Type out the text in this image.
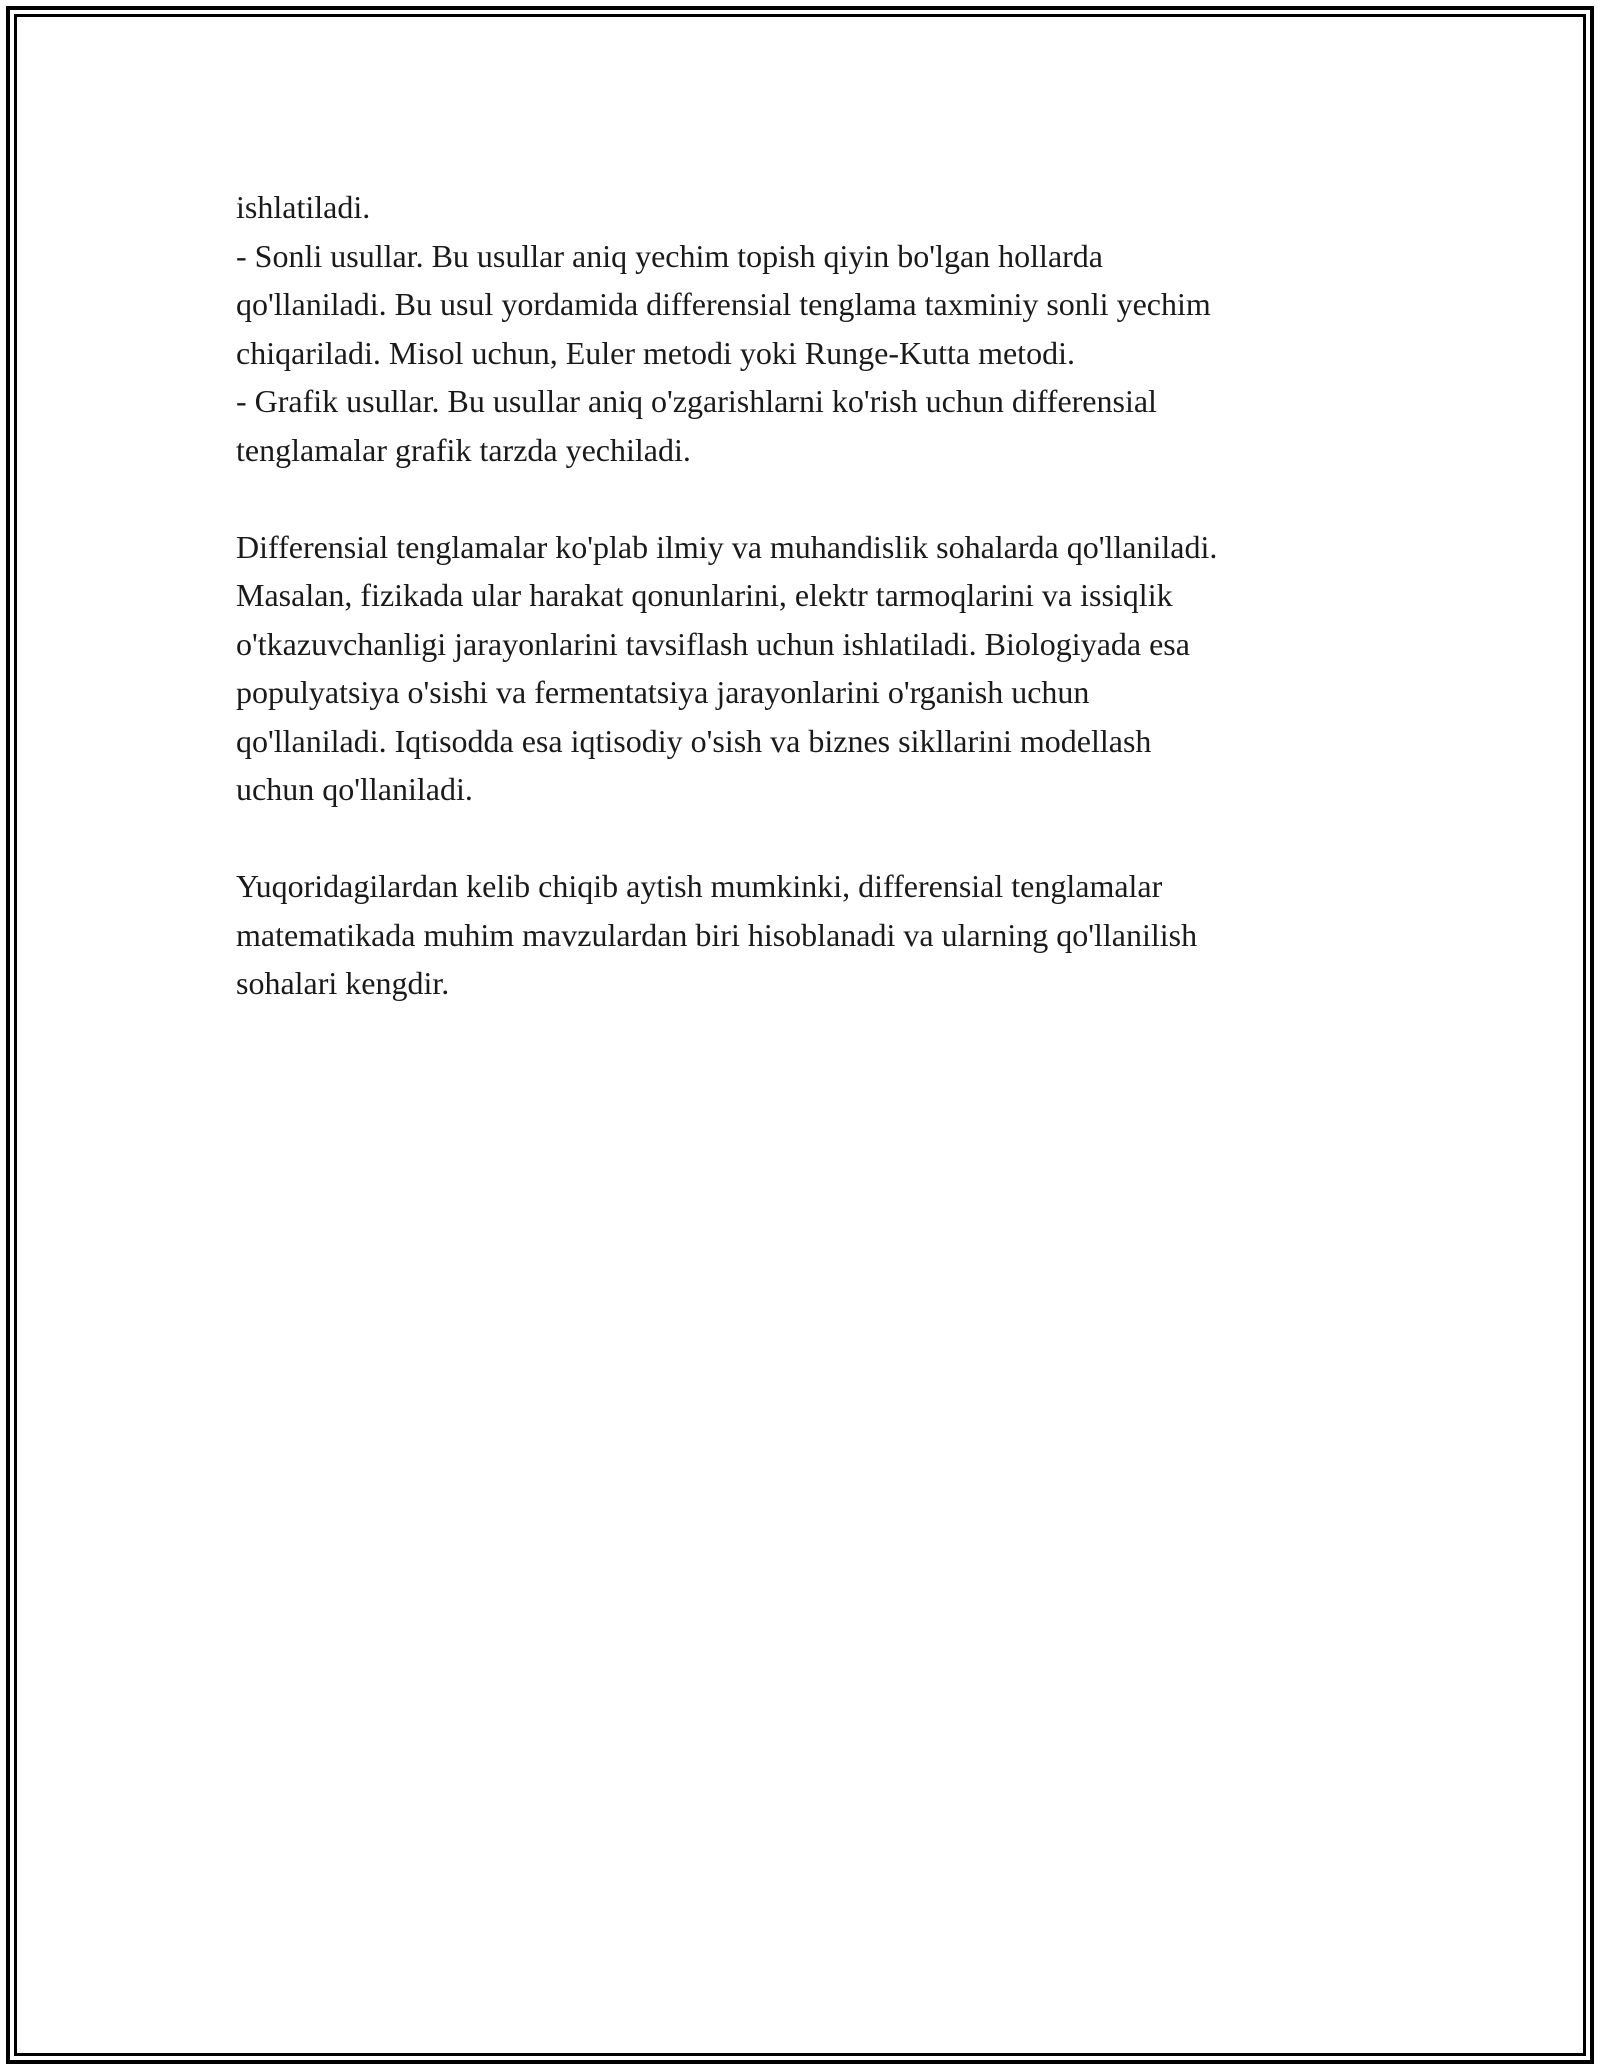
ishlatiladi.
- Sonli usullar. Bu usullar aniq yechim topish qiyin bo'lgan hollarda
qo'llaniladi. Bu usul yordamida differensial tenglama taxminiy sonli yechim
chiqariladi. Misol uchun, Euler metodi yoki Runge-Kutta metodi.
- Grafik usullar. Bu usullar aniq o'zgarishlarni ko'rish uchun differensial
tenglamalar grafik tarzda yechiladi.
Differensial tenglamalar ko'plab ilmiy va muhandislik sohalarda qo'llaniladi.
Masalan, fizikada ular harakat qonunlarini, elektr tarmoqlarini va issiqlik
o'tkazuvchanligi jarayonlarini tavsiflash uchun ishlatiladi. Biologiyada esa
populyatsiya o'sishi va fermentatsiya jarayonlarini o'rganish uchun
qo'llaniladi. Iqtisodda esa iqtisodiy o'sish va biznes sikllarini modellash
uchun qo'llaniladi.
Yuqoridagilardan kelib chiqib aytish mumkinki, differensial tenglamalar
matematikada muhim mavzulardan biri hisoblanadi va ularning qo'llanilish
sohalari kengdir.
